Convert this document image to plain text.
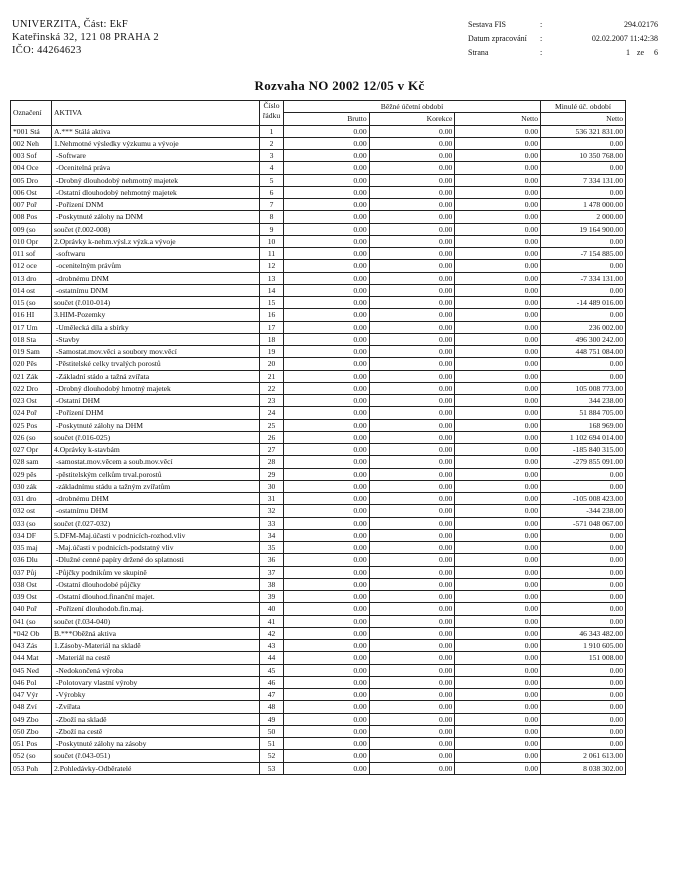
UNIVERZITA, Část: EkF
Kateřinská 32, 121 08 PRAHA 2
IČO: 44264623
Sestava FIS	:	294.02176
Datum zpracování :	02.02.2007 11:42:38
Strana	:	1 ze 6
Rozvaha NO 2002 12/05 v Kč
Označení	AKTIVA	Číslo
řádku	Běžné účetní období			Minulé úč. období
			Brutto	Korekce	Netto	Netto
*001 Stá	A.*** Stálá aktiva	1	0.00	0.00	0.00	536 321 831.00
002 Neh	1.Nehmotné výsledky výzkumu a vývoje	2	0.00	0.00	0.00	0.00
003 Sof	-Software	3	0.00	0.00	0.00	10 350 768.00
004 Oce	-Ocenitelná práva	4	0.00	0.00	0.00	0.00
005 Dro	-Drobný dlouhodobý nehmotný majetek	5	0.00	0.00	0.00	7 334 131.00
006 Ost	-Ostatní dlouhodobý nehmotný majetek	6	0.00	0.00	0.00	0.00
007 Poř	-Pořízení DNM	7	0.00	0.00	0.00	1 478 000.00
008 Pos	-Poskytnuté zálohy na DNM	8	0.00	0.00	0.00	2 000.00
009 (so	součet (ř.002-008)	9	0.00	0.00	0.00	19 164 900.00
010 Opr	2.Oprávky k-nehm.výsl.z výzk.a vývoje	10	0.00	0.00	0.00	0.00
011 sof	-softwaru	11	0.00	0.00	0.00	-7 154 885.00
012 oce	-ocenitelným právům	12	0.00	0.00	0.00	0.00
013 dro	-drobnému DNM	13	0.00	0.00	0.00	-7 334 131.00
014 ost	-ostatnímu DNM	14	0.00	0.00	0.00	0.00
015 (so	součet (ř.010-014)	15	0.00	0.00	0.00	-14 489 016.00
016 HI	3.HIM-Pozemky	16	0.00	0.00	0.00	0.00
017 Um	-Umělecká díla a sbírky	17	0.00	0.00	0.00	236 002.00
018 Sta	-Stavby	18	0.00	0.00	0.00	496 300 242.00
019 Sam	-Samostat.mov.věci a soubory mov.věcí	19	0.00	0.00	0.00	448 751 084.00
020 Pěs	-Pěstitelské celky trvalých porostů	20	0.00	0.00	0.00	0.00
021 Zák	-Základní stádo a tažná zvířata	21	0.00	0.00	0.00	0.00
022 Dro	-Drobný dlouhodobý hmotný majetek	22	0.00	0.00	0.00	105 008 773.00
023 Ost	-Ostatní DHM	23	0.00	0.00	0.00	344 238.00
024 Poř	-Pořízení DHM	24	0.00	0.00	0.00	51 884 705.00
025 Pos	-Poskytnuté zálohy na DHM	25	0.00	0.00	0.00	168 969.00
026 (so	součet (ř.016-025)	26	0.00	0.00	0.00	1 102 694 014.00
027 Opr	4.Oprávky k-stavbám	27	0.00	0.00	0.00	-185 840 315.00
028 sam	-samostat.mov.věcem a soub.mov.věcí	28	0.00	0.00	0.00	-279 855 091.00
029 pěs	-pěstitelským celkům trval.porostů	29	0.00	0.00	0.00	0.00
030 zák	-základnímu stádu a tažným zvířatům	30	0.00	0.00	0.00	0.00
031 dro	-drobnému DHM	31	0.00	0.00	0.00	-105 008 423.00
032 ost	-ostatnímu DHM	32	0.00	0.00	0.00	-344 238.00
033 (so	součet (ř.027-032)	33	0.00	0.00	0.00	-571 048 067.00
034 DF	5.DFM-Maj.účasti v podnicích-rozhod.vliv	34	0.00	0.00	0.00	0.00
035 maj	-Maj.účasti v podnicích-podstatný vliv	35	0.00	0.00	0.00	0.00
036 Dlu	-Dlužné cenné papíry držené do splatnosti	36	0.00	0.00	0.00	0.00
037 Půj	-Půjčky podnikům ve skupině	37	0.00	0.00	0.00	0.00
038 Ost	-Ostatní dlouhodobé půjčky	38	0.00	0.00	0.00	0.00
039 Ost	-Ostatní dlouhod.finanční majet.	39	0.00	0.00	0.00	0.00
040 Poř	-Pořízení dlouhodob.fin.maj.	40	0.00	0.00	0.00	0.00
041 (so	součet (ř.034-040)	41	0.00	0.00	0.00	0.00
*042 Ob	B.***Oběžná aktiva	42	0.00	0.00	0.00	46 343 482.00
043 Zás	1.Zásoby-Materiál na skladě	43	0.00	0.00	0.00	1 910 605.00
044 Mat	-Materiál na cestě	44	0.00	0.00	0.00	151 008.00
045 Ned	-Nedokončená výroba	45	0.00	0.00	0.00	0.00
046 Pol	-Polotovary vlastní výroby	46	0.00	0.00	0.00	0.00
047 Výr	-Výrobky	47	0.00	0.00	0.00	0.00
048 Zví	-Zvířata	48	0.00	0.00	0.00	0.00
049 Zbo	-Zboží na skladě	49	0.00	0.00	0.00	0.00
050 Zbo	-Zboží na cestě	50	0.00	0.00	0.00	0.00
051 Pos	-Poskytnuté zálohy na zásoby	51	0.00	0.00	0.00	0.00
052 (so	součet (ř.043-051)	52	0.00	0.00	0.00	2 061 613.00
053 Poh	2.Pohledávky-Odběratelé	53	0.00	0.00	0.00	8 038 302.00
